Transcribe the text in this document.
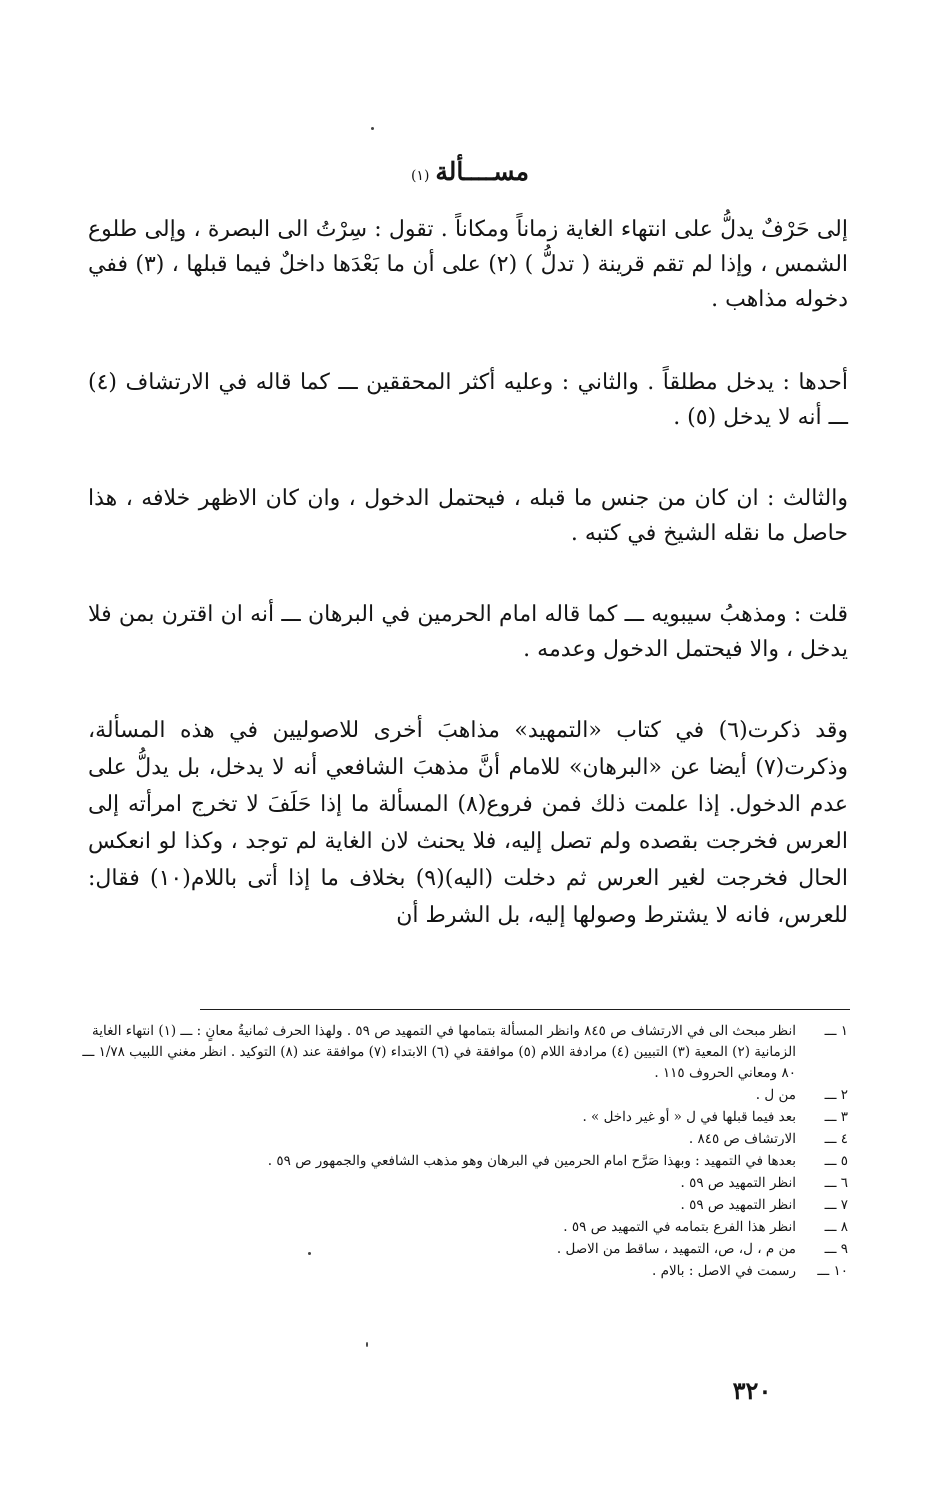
مســــألة(١)

إلى حَرْفٌ يدلُّ على انتهاء الغاية زماناً ومكاناً . تقول : سِرْتُ الى البصرة ، وإلى طلوع الشمس ، وإذا لم تقم قرينة ( تدلُّ ) (٢) على أن ما بَعْدَها داخلٌ فيما قبلها ، (٣) ففي دخوله مذاهب .

أحدها : يدخل مطلقاً . والثاني : وعليه أكثر المحققين ـــ كما قاله في الارتشاف (٤) ـــ أنه لا يدخل (٥) .

والثالث : ان كان من جنس ما قبله ، فيحتمل الدخول ، وان كان الاظهر خلافه ، هذا حاصل ما نقله الشيخ في كتبه .

قلت : ومذهبُ سيبويه ـــ كما قاله امام الحرمين في البرهان ـــ أنه ان اقترن بمن فلا يدخل ، والا فيحتمل الدخول وعدمه .

وقد ذكرت(٦) في كتاب «التمهيد» مذاهبَ أخرى للاصوليين في هذه المسألة، وذكرت(٧) أيضا عن «البرهان» للامام أنَّ مذهبَ الشافعي أنه لا يدخل، بل يدلُّ على عدم الدخول. إذا علمت ذلك فمن فروع(٨) المسألة ما إذا حَلَفَ لا تخرج امرأته إلى العرس فخرجت بقصده ولم تصل إليه، فلا يحنث لان الغاية لم توجد ، وكذا لو انعكس الحال فخرجت لغير العرس ثم دخلت (اليه)(٩) بخلاف ما إذا أتى باللام(١٠) فقال: للعرس، فانه لا يشترط وصولها إليه، بل الشرط أن

١ ـــ
انظر مبحث الى في الارتشاف ص ٨٤٥ وانظر المسألة بتمامها في التمهيد ص ٥٩ . ولهذا الحرف ثمانيةُ معانٍ : ـــ (١) انتهاء الغاية الزمانية (٢) المعية (٣) التبيين (٤) مرادفة اللام (٥) موافقة في (٦) الابتداء (٧) موافقة عند (٨) التوكيد . انظر مغني اللبيب ١/٧٨ ـــ ٨٠ ومعاني الحروف ١١٥ .
٢ ـــ
من ل .
٣ ـــ
بعد فيما قبلها في ل « أو غير داخل » .
٤ ـــ
الارتشاف ص ٨٤٥ .
٥ ـــ
بعدها في التمهيد : وبهذا صَرَّح امام الحرمين في البرهان وهو مذهب الشافعي والجمهور ص ٥٩ .
٦ ـــ
انظر التمهيد ص ٥٩ .
٧ ـــ
انظر التمهيد ص ٥٩ .
٨ ـــ
انظر هذا الفرع بتمامه في التمهيد ص ٥٩ .
٩ ـــ
من م ، ل، ص، التمهيد ، ساقط من الاصل .
١٠ ـــ
رسمت في الاصل : بالام .
٣٢٠
